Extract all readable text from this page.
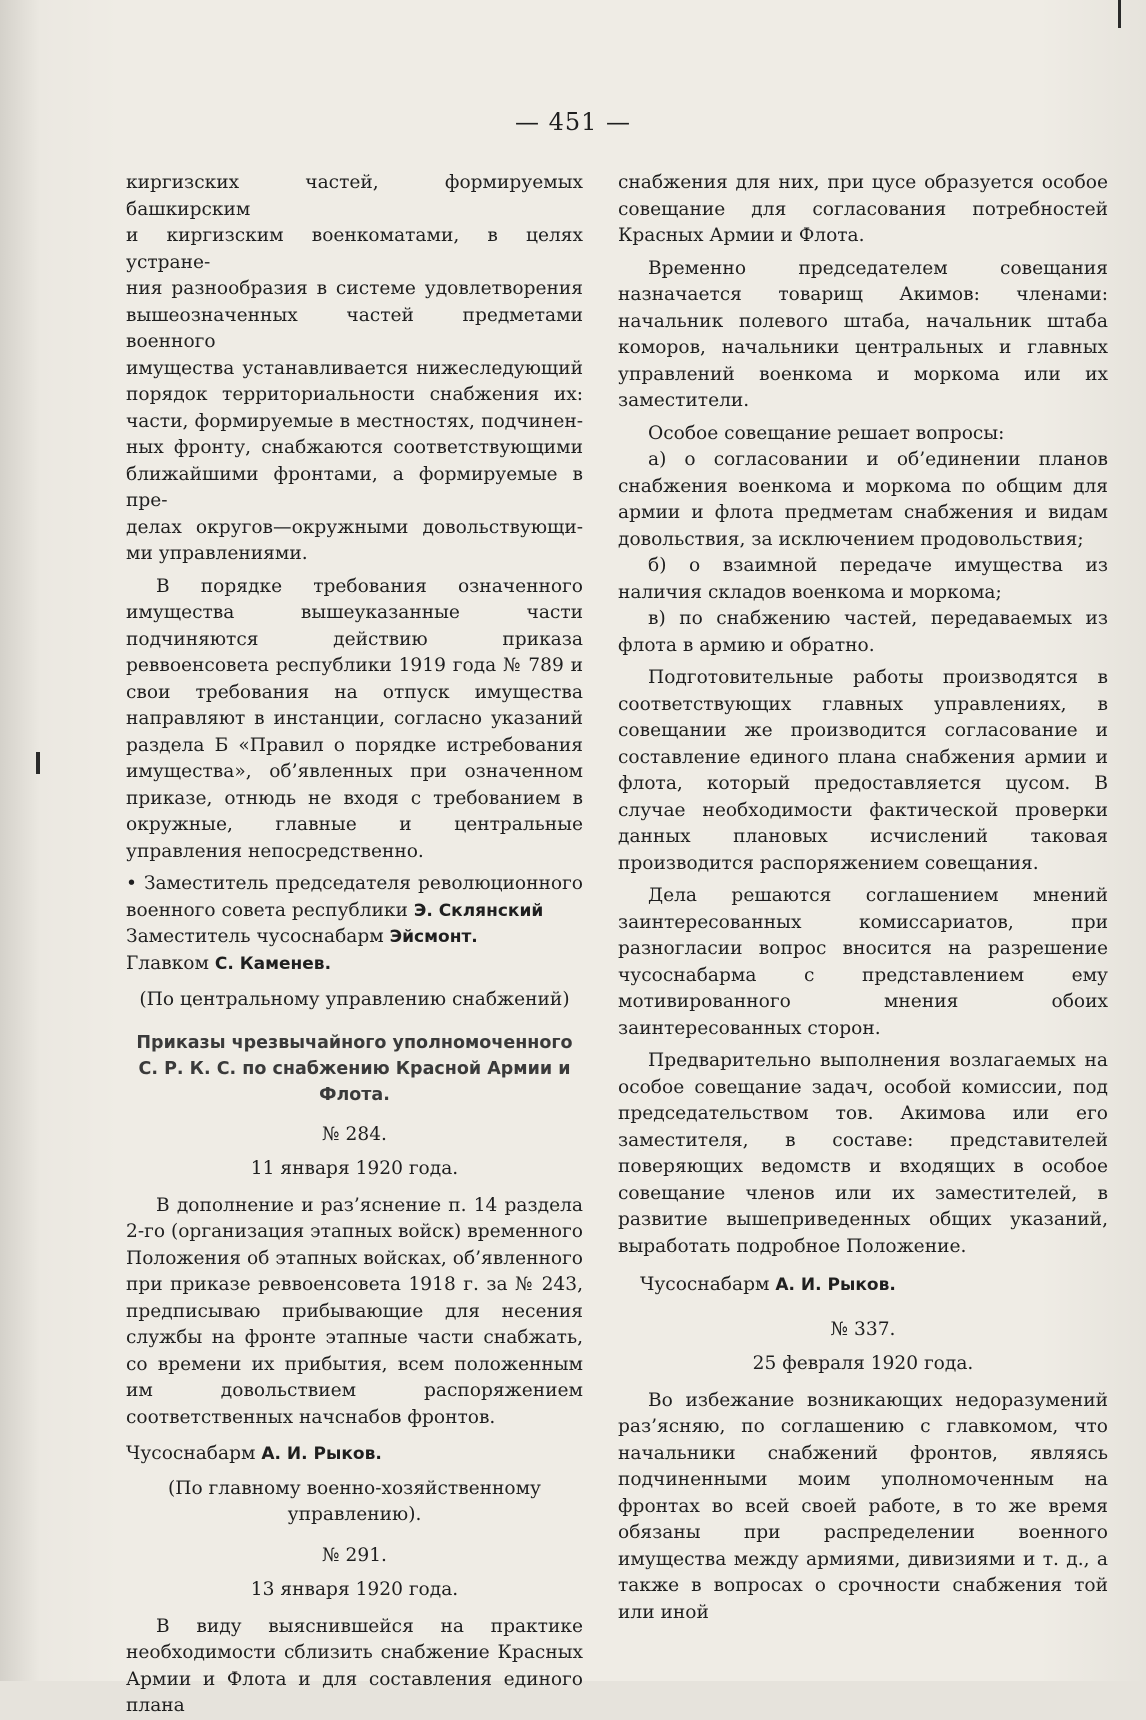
— 451 —

киргизских частей, формируемых башкирским
и киргизским военкоматами, в целях устране-
ния разнообразия в системе удовлетворения
вышеозначенных частей предметами военного
имущества устанавливается нижеследующий
порядок территориальности снабжения их:
части, формируемые в местностях, подчинен-
ных фронту, снабжаются соответствующими
ближайшими фронтами, а формируемые в пре-
делах округов—окружными довольствующи-

ми управлениями.

В порядке требования означенного имущества вышеуказанные части подчиняются действию приказа реввоенсовета республики 1919 года № 789 и свои требования на отпуск имущества направляют в инстанции, согласно указаний раздела Б «Правил о порядке истребования имущества», об’явленных при означенном приказе, отнюдь не входя с требованием в окружные, главные и центральные управления непосредственно.

• Заместитель председателя революционного военного совета республики Э. Склянский

Заместитель чусоснабарм Эйсмонт.

Главком С. Каменев.

(По центральному управлению снабжений)

Приказы чрезвычайного уполномоченного С. Р. К. С. по снабжению Красной Армии и Флота.

№ 284.

11 января 1920 года.

В дополнение и раз’яснение п. 14 раздела 2-го (организация этапных войск) временного Положения об этапных войсках, об’явленного при приказе реввоенсовета 1918 г. за № 243, предписываю прибывающие для несения службы на фронте этапные части снабжать, со времени их прибытия, всем положенным им довольствием распоряжением соответственных начснабов фронтов.

Чусоснабарм А. И. Рыков.

(По главному военно-хозяйственному управлению).

№ 291.

13 января 1920 года.

В виду выяснившейся на практике необходимости сблизить снабжение Красных Армии и Флота и для составления единого плана

снабжения для них, при цусе образуется особое совещание для согласования потребностей Красных Армии и Флота.

Временно председателем совещания назначается товарищ Акимов: членами: начальник полевого штаба, начальник штаба коморов, начальники центральных и главных управлений военкома и моркома или их заместители.

Особое совещание решает вопросы:

а) о согласовании и об’единении планов снабжения военкома и моркома по общим для армии и флота предметам снабжения и видам довольствия, за исключением продовольствия;

б) о взаимной передаче имущества из наличия складов военкома и моркома;

в) по снабжению частей, передаваемых из флота в армию и обратно.

Подготовительные работы производятся в соответствующих главных управлениях, в совещании же производится согласование и составление единого плана снабжения армии и флота, который предоставляется цусом. В случае необходимости фактической проверки данных плановых исчислений таковая производится распоряжением совещания.

Дела решаются соглашением мнений заинтересованных комиссариатов, при разногласии вопрос вносится на разрешение чусоснабарма с представлением ему мотивированного мнения обоих заинтересованных сторон.

Предварительно выполнения возлагаемых на особое совещание задач, особой комиссии, под председательством тов. Акимова или его заместителя, в составе: представителей поверяющих ведомств и входящих в особое совещание членов или их заместителей, в развитие вышеприведенных общих указаний, выработать подробное Положение.

Чусоснабарм А. И. Рыков.

№ 337.

25 февраля 1920 года.

Во избежание возникающих недоразумений раз’ясняю, по соглашению с главкомом, что начальники снабжений фронтов, являясь подчиненными моим уполномоченным на фронтах во всей своей работе, в то же время обязаны при распределении военного имущества между армиями, дивизиями и т. д., а также в вопросах о срочности снабжения той или иной
